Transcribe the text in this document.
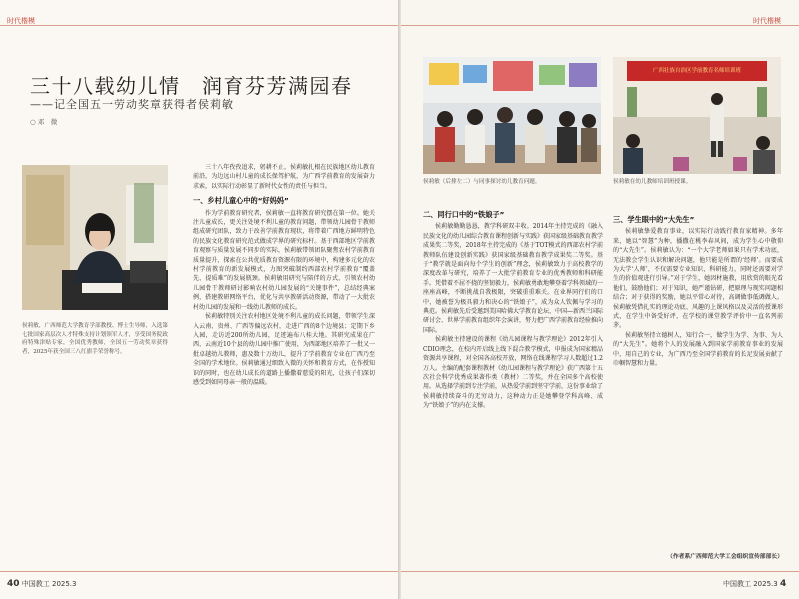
时代楷模
三十八载幼儿情　润育芬芳满园春
——记全国五一劳动奖章获得者侯莉敏
○ 邓　微
侯莉敏，广西师范大学教育学部教授、博士生导师，入选第七批国家高层次人才特殊支持计划领军人才，享受国务院政府特殊津贴专家，全国优秀教师，全国五一劳动奖章获得者，2025年获全国三八红旗手荣誉称号。

三十八年孜孜追求，躬耕不止，侯莉敏扎根在民族地区幼儿教育前沿，为边远山村儿童的成长保驾护航，为广西学前教育的发展奋力求索，以实际行动彰显了新时代女性的责任与担当。

一、乡村儿童心中的“好妈妈”

作为学前教育研究者，侯莉敏一直将教育研究摆在第一位。她关注儿童成长，更关注处境不利儿童的教育问题，带领幼儿园骨干教师组成研究团队，致力于改善学前教育现状，将带着广西地方鲜明特色的民族文化教育研究范式做成学界的研究标杆。基于西部地区学前教育观察与质量发展不同步的实际，侯莉敏带领团队聚焦农村学前教育质量提升，探索在公共优质教育资源有限的环境中，构建多元化的农村学前教育的新发展模式，力图突破制约西部农村学前教育“覆盖先、提质难”的发展瓶颈。侯莉敏用研究与陪伴的方式，引领农村幼儿园骨干教师研讨影响农村幼儿园发展的“关键事件”，总结经典案例，搭建教研网络平台，优化与共享教研活动资源，带动了一大批农村幼儿园的发展和一线幼儿教师的成长。

侯莉敏特别关注农村地区处境不利儿童的成长问题，带领学生深入云南、贵州、广西等偏远农村，走进广西的8个边境县；定期下乡入园，走访近200所幼儿园，足迹遍布八桂大地。其研究成果在广西、云南近10个县的幼儿园中推广使用，为西部地区培养了一批又一批卓越幼儿教师，惠及数十万幼儿，提升了学前教育专业在广西乃至全国的学术地位。侯莉敏通过细致入微的关怀和教育方式，在作授知识的同时，也在幼儿成长的道路上播撒着慈爱的阳光，让孩子们深切感受到如同母亲一般的温暖。

40 中国教工 2025.3
时代楷模
侯莉敏（后排左二）与同事探讨幼儿教育问题。
广西壮族自治区学前教育名师培训班
侯莉敏在幼儿教师培训班授课。
二、同行口中的“铁娘子”

侯莉敏勤勤恳恳，教学科研双丰收。2014年主持完成的《融入民族文化的幼儿园综合教育课程创新与实践》获国家级基础教育教学成果奖二等奖，2018年主持完成的《基于TOT模式的西部农村学前教师队伍建设创新实践》获国家级基础教育教学成果奖二等奖。基于“教学就是面向每个学生的创新”理念，侯莉敏致力于高校教学的深度改革与研究，培养了一大批学前教育专业的优秀教师和科研能手。凭借着不屈不挠的坚韧毅力，侯莉敏勇敢地攀登着学科领域的一座座高峰，不断挑战自我极限，突破重重难关。在业界同行们的口中，她被誉为极具毅力和决心的“铁娘子”，成为众人钦佩与学习的典范。侯莉敏先后受邀到美国哈佛大学教育论坛、中国—新西兰国际研讨会、世界学前教育组织年会演讲，努力把广西学前教育经验推向国际。

侯莉敏主持建设的课程《幼儿园课程与教学理论》2012年引入CDIO理念，在校内开启线上线下混合教学模式，申报成为国家精品资源共享课程，对全国各高校开放，网络在线课程学习人数超过1.2万人。主编的配套课程教材《幼儿园课程与教学理论》获广西第十五次社会科学优秀成果著作类（教材）二等奖，并在全国多个高校使用。从选择学前到专注学前，从热爱学前到坚守学前，这份事业给了侯莉敏持续奋斗的无穷动力，这种动力正是她攀登学科高峰、成为“铁娘子”的内在支撑。

三、学生眼中的“大先生”

侯莉敏挚爱教育事业，以实际行动践行教育家精神。多年来，她以“智慧”为种，播撒在桃李春风间，成为学生心中敬仰的“大先生”。侯莉敏认为：“一个大学老师如果只有学术功底，无法教会学生认识和解决问题，他只能是所谓的‘经师’。而要成为大学‘人师’，不仅需要专业知识，科研能力，同时还需要对学生的价值观进行引导。”对于学生，她因材施教，用欣赏的眼光看他们，鼓励他们；对于知识，她严谨钻研，把原理与现实问题相结合；对于获得的奖励，她以平常心对待，高调做事低调做人。侯莉敏凭借扎实的理论功底、风趣的上课风格以及灵活的授课形式，在学生中备受好评，在学校的课堂教学评价中一直名列前茅。

侯莉敏坚持立德树人，知行合一，做学生为学、为事、为人的“大先生”。她将个人的发展融入到国家学前教育事业的发展中，用自己的专业，为广西乃至全国学前教育的长足发展贡献了巾帼智慧和力量。

（作者系广西师范大学工会组织宣传部部长）
中国教工 2025.3 4
